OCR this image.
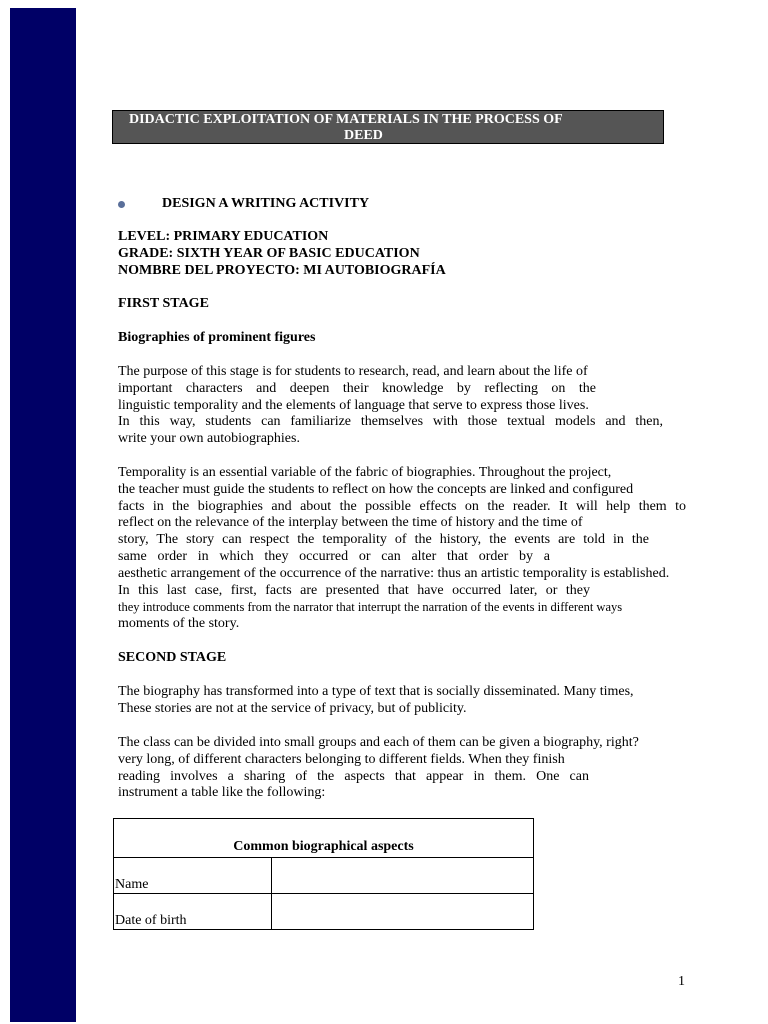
DIDACTIC EXPLOITATION OF MATERIALS IN THE PROCESS OF
DEED
DESIGN A WRITING ACTIVITY
LEVEL: PRIMARY EDUCATION
GRADE: SIXTH YEAR OF BASIC EDUCATION
NOMBRE DEL PROYECTO: MI AUTOBIOGRAFÍA
FIRST STAGE
Biographies of prominent figures
The purpose of this stage is for students to research, read, and learn about the life of
important characters and deepen their knowledge by reflecting on the
linguistic temporality and the elements of language that serve to express those lives.
In this way, students can familiarize themselves with those textual models and then,
write your own autobiographies.
Temporality is an essential variable of the fabric of biographies. Throughout the project,
the teacher must guide the students to reflect on how the concepts are linked and configured
facts in the biographies and about the possible effects on the reader. It will help them to
reflect on the relevance of the interplay between the time of history and the time of
story, The story can respect the temporality of the history, the events are told in the
same order in which they occurred or can alter that order by a
aesthetic arrangement of the occurrence of the narrative: thus an artistic temporality is established.
In this last case, first, facts are presented that have occurred later, or they
they introduce comments from the narrator that interrupt the narration of the events in different ways
moments of the story.
SECOND STAGE
The biography has transformed into a type of text that is socially disseminated. Many times,
These stories are not at the service of privacy, but of publicity.
The class can be divided into small groups and each of them can be given a biography, right?
very long, of different characters belonging to different fields. When they finish
reading involves a sharing of the aspects that appear in them. One can
instrument a table like the following:
Common biographical aspects	
Name	
Date of birth	
1
